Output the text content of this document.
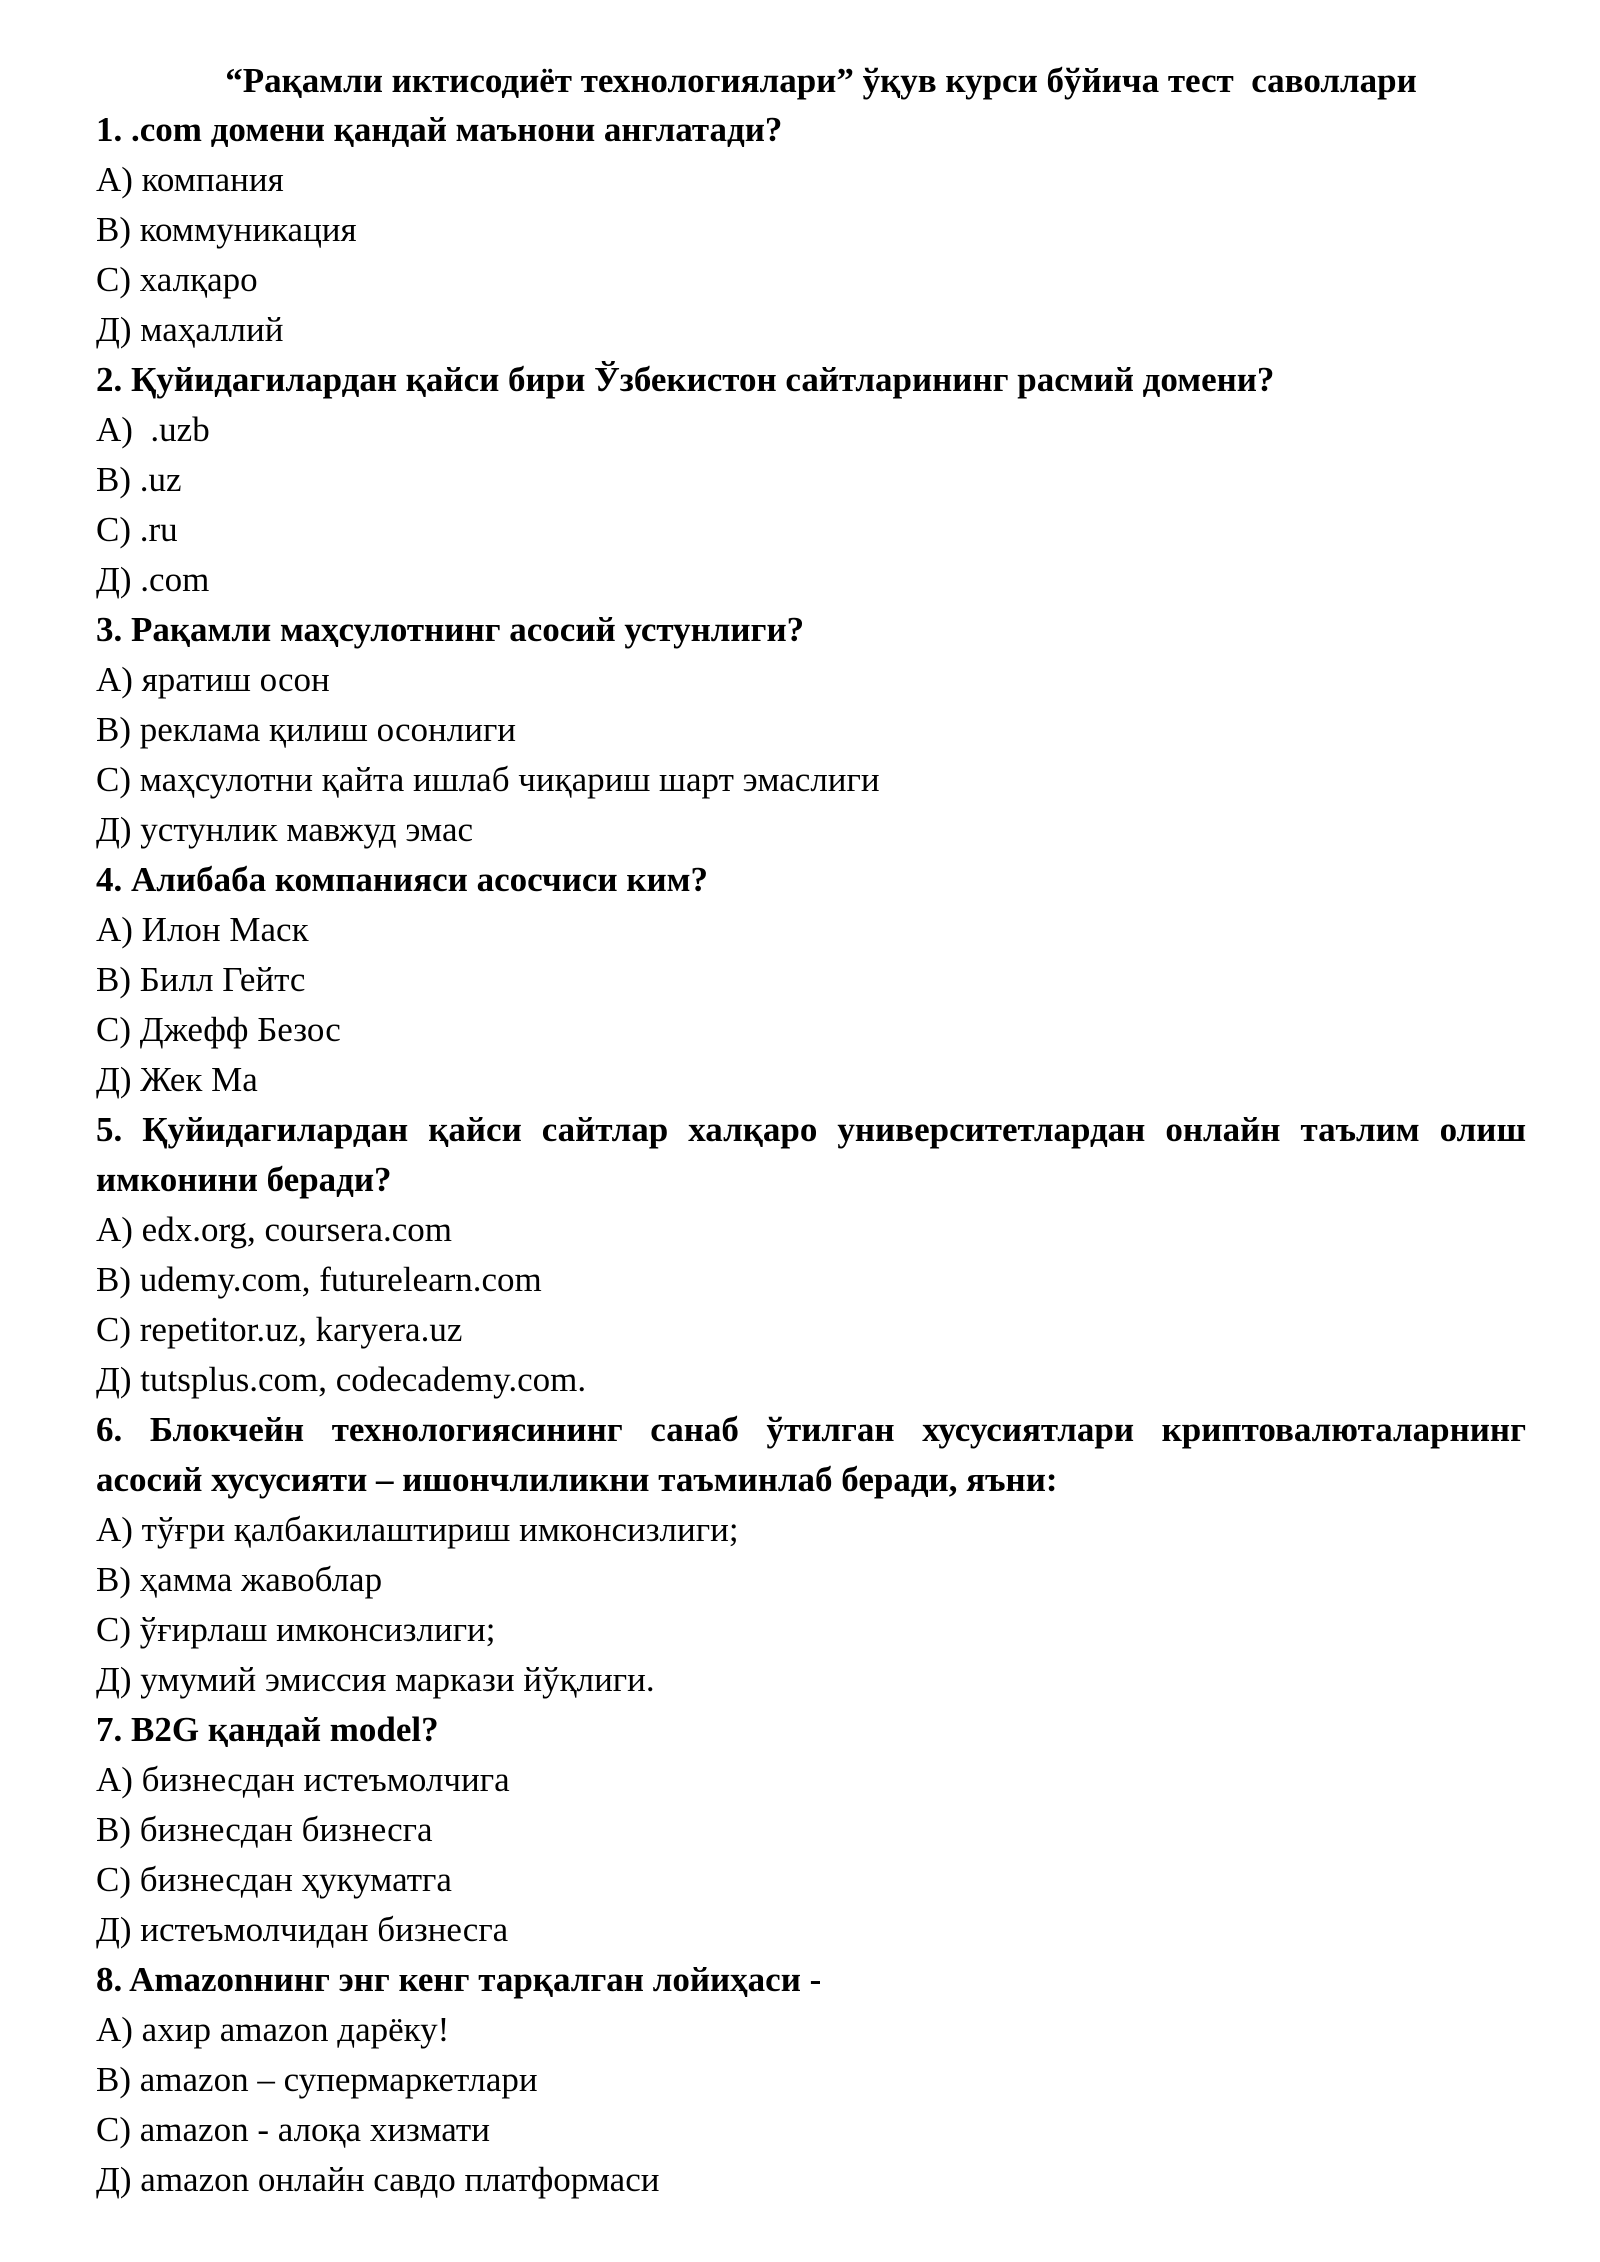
“Рақамли иктисодиёт технологиялари” ўқув курси бўйича тест  саволлари

1. .com домени қандай маънони англатади?

А) компания

B) коммуникация

C) халқаро

Д) маҳаллий

2. Қуйидагилардан қайси бири Ўзбекистон сайтларининг расмий домени?

А)  .uzb

B) .uz

C) .ru

Д) .com

3. Рақамли маҳсулотнинг асосий устунлиги?

А) яратиш осон

B) реклама қилиш осонлиги

C) маҳсулотни қайта ишлаб чиқариш шарт эмаслиги

Д) устунлик мавжуд эмас

4. Алибаба компанияси асосчиси ким?

А) Илон Маск

B) Билл Гейтс

C) Джефф Безос

Д) Жек Ма

5. Қуйидагилардан қайси сайтлар халқаро университетлардан онлайн таълим олиш имконини беради?

А) edx.org, coursera.com

B) udemy.com, futurelearn.com

C) repetitor.uz, karyera.uz

Д) tutsplus.com, codecademy.com.

6. Блокчейн технологиясининг санаб ўтилган хусусиятлари криптовалюталарнинг асосий хусусияти – ишончлиликни таъминлаб беради, яъни:

А) тўғри қалбакилаштириш имконсизлиги;

B) ҳамма жавоблар

C) ўғирлаш имконсизлиги;

Д) умумий эмиссия маркази йўқлиги.

7. B2G қандай model?

А) бизнесдан истеъмолчига

B) бизнесдан бизнесга

C) бизнесдан ҳукуматга

Д) истеъмолчидан бизнесга

8. Amazonнинг энг кенг тарқалган лойиҳаси -

А) ахир amazon дарёку!

B) amazon – супермаркетлари

C) amazon - алоқа хизмати

Д) amazon онлайн савдо платформаси
